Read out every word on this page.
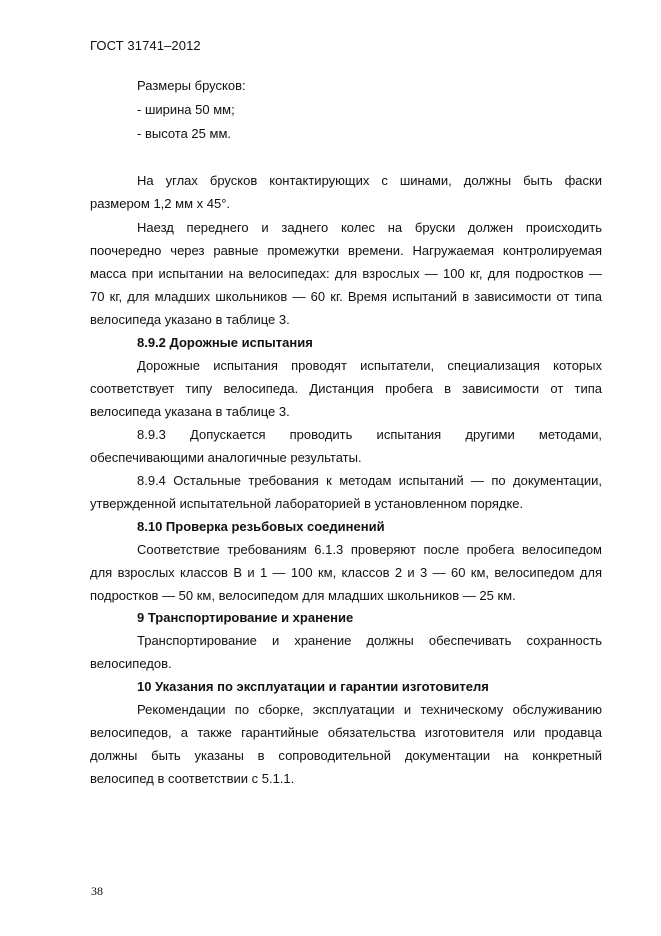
ГОСТ 31741–2012
Размеры брусков:
- ширина 50 мм;
- высота 25 мм.
На углах брусков контактирующих с шинами, должны быть фаски
размером 1,2 мм х 45°.
Наезд переднего и заднего колес на бруски должен происходить
поочередно через равные промежутки времени. Нагружаемая контролируемая
масса при испытании на велосипедах: для взрослых — 100 кг, для подростков —
70 кг, для младших школьников — 60 кг. Время испытаний в зависимости от типа
велосипеда указано в таблице 3.
8.9.2 Дорожные испытания
Дорожные испытания проводят испытатели, специализация которых
соответствует типу велосипеда. Дистанция пробега в зависимости от типа
велосипеда указана в таблице 3.
8.9.3 Допускается проводить испытания другими методами,
обеспечивающими аналогичные результаты.
8.9.4 Остальные требования к методам испытаний — по документации,
утвержденной испытательной лабораторией в установленном порядке.
8.10 Проверка резьбовых соединений
Соответствие требованиям 6.1.3 проверяют после пробега велосипедом
для взрослых классов В и 1 — 100 км, классов 2 и 3 — 60 км, велосипедом для
подростков — 50 км, велосипедом для младших школьников — 25 км.
9 Транспортирование и хранение
Транспортирование и хранение должны обеспечивать сохранность
велосипедов.
10 Указания по эксплуатации и гарантии изготовителя
Рекомендации по сборке, эксплуатации и техническому обслуживанию
велосипедов, а также гарантийные обязательства изготовителя или продавца
должны быть указаны в сопроводительной документации на конкретный
велосипед в соответствии с 5.1.1.
38
